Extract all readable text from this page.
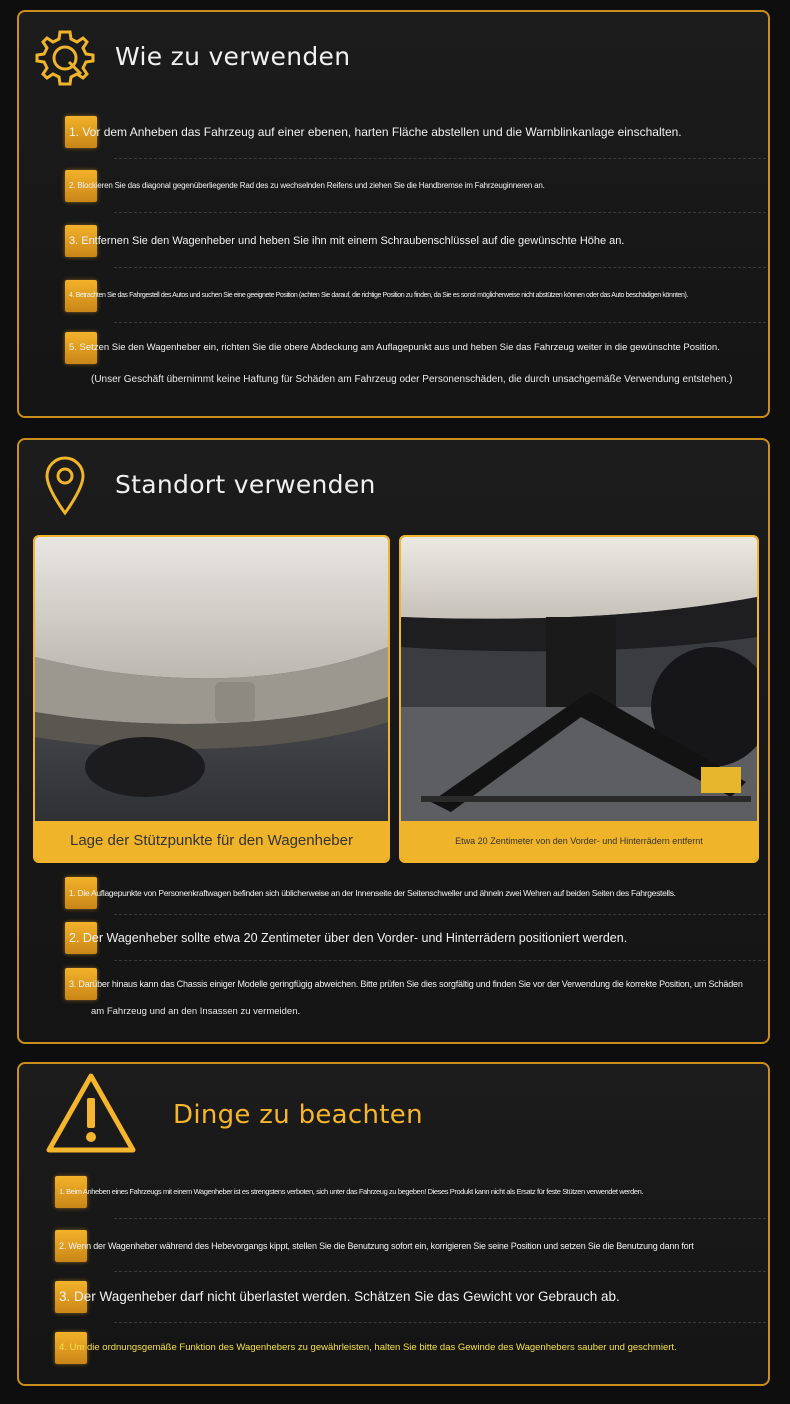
Wie zu verwenden
1. Vor dem Anheben das Fahrzeug auf einer ebenen, harten Fläche abstellen und die Warnblinkanlage einschalten.
2. Blockieren Sie das diagonal gegenüberliegende Rad des zu wechselnden Reifens und ziehen Sie die Handbremse im Fahrzeuginneren an.
3. Entfernen Sie den Wagenheber und heben Sie ihn mit einem Schraubenschlüssel auf die gewünschte Höhe an.
4. Betrachten Sie das Fahrgestell des Autos und suchen Sie eine geeignete Position (achten Sie darauf, die richtige Position zu finden, da Sie es sonst möglicherweise nicht abstützen können oder das Auto beschädigen könnten).
5. Setzen Sie den Wagenheber ein, richten Sie die obere Abdeckung am Auflagepunkt aus und heben Sie das Fahrzeug weiter in die gewünschte Position.
(Unser Geschäft übernimmt keine Haftung für Schäden am Fahrzeug oder Personenschäden, die durch unsachgemäße Verwendung entstehen.)
Standort verwenden
1. Die Auflagepunkte von Personenkraftwagen befinden sich üblicherweise an der Innenseite der Seitenschweller und ähneln zwei Wehren auf beiden Seiten des Fahrgestells.
2. Der Wagenheber sollte etwa 20 Zentimeter über den Vorder- und Hinterrädern positioniert werden.
3. Darüber hinaus kann das Chassis einiger Modelle geringfügig abweichen. Bitte prüfen Sie dies sorgfältig und finden Sie vor der Verwendung die korrekte Position, um Schäden
am Fahrzeug und an den Insassen zu vermeiden.
Lage der Stützpunkte für den Wagenheber	Etwa 20 Zentimeter von den Vorder- und Hinterrädern entfernt
Dinge zu beachten
1. Beim Anheben eines Fahrzeugs mit einem Wagenheber ist es strengstens verboten, sich unter das Fahrzeug zu begeben! Dieses Produkt kann nicht als Ersatz für feste Stützen verwendet werden.
2. Wenn der Wagenheber während des Hebevorgangs kippt, stellen Sie die Benutzung sofort ein, korrigieren Sie seine Position und setzen Sie die Benutzung dann fort
3. Der Wagenheber darf nicht überlastet werden. Schätzen Sie das Gewicht vor Gebrauch ab.
4. Um die ordnungsgemäße Funktion des Wagenhebers zu gewährleisten, halten Sie bitte das Gewinde des Wagenhebers sauber und geschmiert.
